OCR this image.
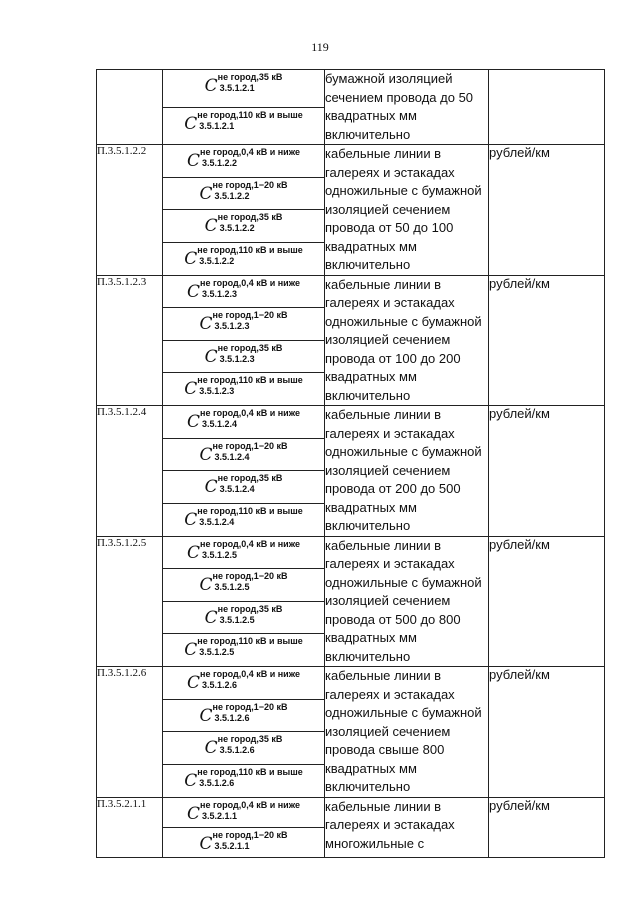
119

	C не город,35 кВ
3.5.1.2.1	бумажной изоляцией сечением провода до 50 квадратных мм включительно	

	C не город,110 кВ и выше
3.5.1.2.1		

П.3.5.1.2.2	C не город,0,4 кВ и ниже
3.5.1.2.2	кабельные линии в галереях и эстакадах одножильные с бумажной изоляцией сечением провода от 50 до 100 квадратных мм включительно	рублей/км

	C не город,1−20 кВ
3.5.1.2.2		

	C не город,35 кВ
3.5.1.2.2		

	C не город,110 кВ и выше
3.5.1.2.2		

П.3.5.1.2.3	C не город,0,4 кВ и ниже
3.5.1.2.3	кабельные линии в галереях и эстакадах одножильные с бумажной изоляцией сечением провода от 100 до 200 квадратных мм включительно	рублей/км

	C не город,1−20 кВ
3.5.1.2.3		

	C не город,35 кВ
3.5.1.2.3		

	C не город,110 кВ и выше
3.5.1.2.3		

П.3.5.1.2.4	C не город,0,4 кВ и ниже
3.5.1.2.4	кабельные линии в галереях и эстакадах одножильные с бумажной изоляцией сечением провода от 200 до 500 квадратных мм включительно	рублей/км

	C не город,1−20 кВ
3.5.1.2.4		

	C не город,35 кВ
3.5.1.2.4		

	C не город,110 кВ и выше
3.5.1.2.4		

П.3.5.1.2.5	C не город,0,4 кВ и ниже
3.5.1.2.5	кабельные линии в галереях и эстакадах одножильные с бумажной изоляцией сечением провода от 500 до 800 квадратных мм включительно	рублей/км

	C не город,1−20 кВ
3.5.1.2.5		

	C не город,35 кВ
3.5.1.2.5		

	C не город,110 кВ и выше
3.5.1.2.5		

П.3.5.1.2.6	C не город,0,4 кВ и ниже
3.5.1.2.6	кабельные линии в галереях и эстакадах одножильные с бумажной изоляцией сечением провода свыше 800 квадратных мм включительно	рублей/км

	C не город,1−20 кВ
3.5.1.2.6		

	C не город,35 кВ
3.5.1.2.6		

	C не город,110 кВ и выше
3.5.1.2.6		

П.3.5.2.1.1	C не город,0,4 кВ и ниже
3.5.2.1.1	кабельные линии в галереях и эстакадах многожильные с	рублей/км

	C не город,1−20 кВ
3.5.2.1.1		
